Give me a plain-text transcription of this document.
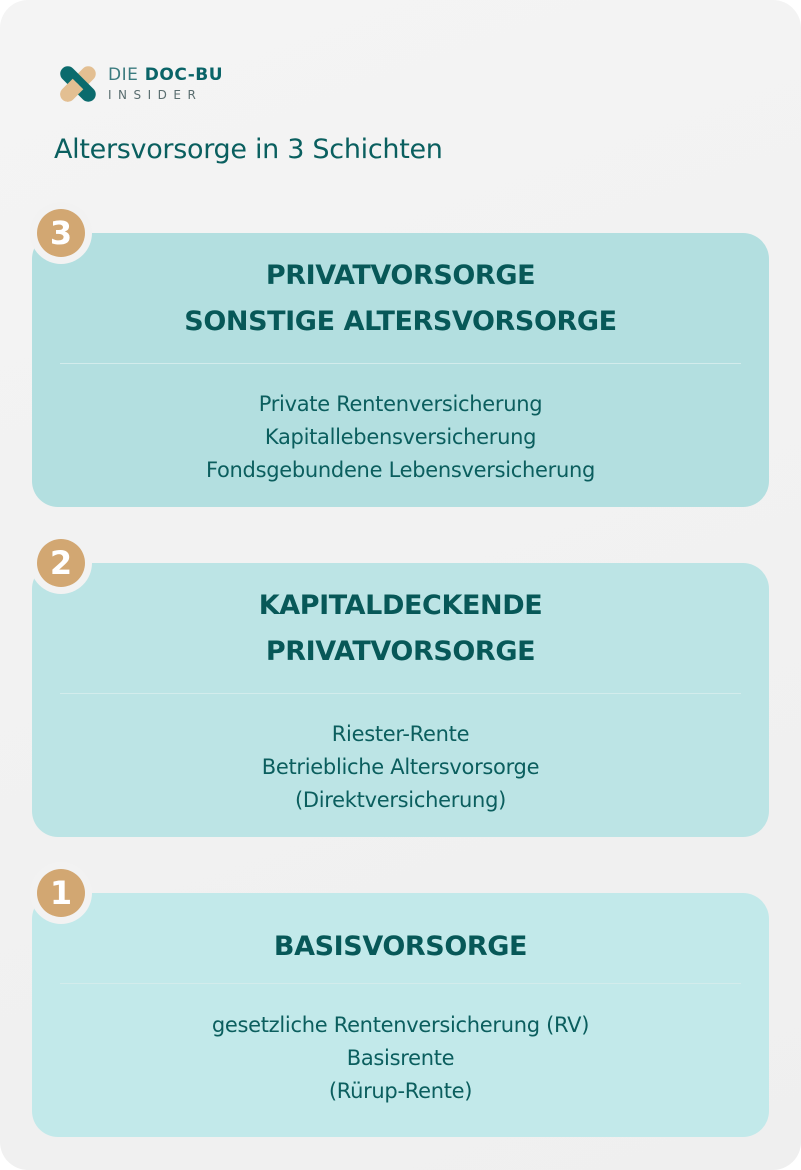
DIE DOC-BU
INSIDER
Altersvorsorge in 3 Schichten
PRIVATVORSORGE
SONSTIGE ALTERSVORSORGE
Private Rentenversicherung
Kapitallebensversicherung
Fondsgebundene Lebensversicherung
3
KAPITALDECKENDE
PRIVATVORSORGE
Riester-Rente
Betriebliche Altersvorsorge
(Direktversicherung)
2
BASISVORSORGE
gesetzliche Rentenversicherung (RV)
Basisrente
(Rürup-Rente)
1
